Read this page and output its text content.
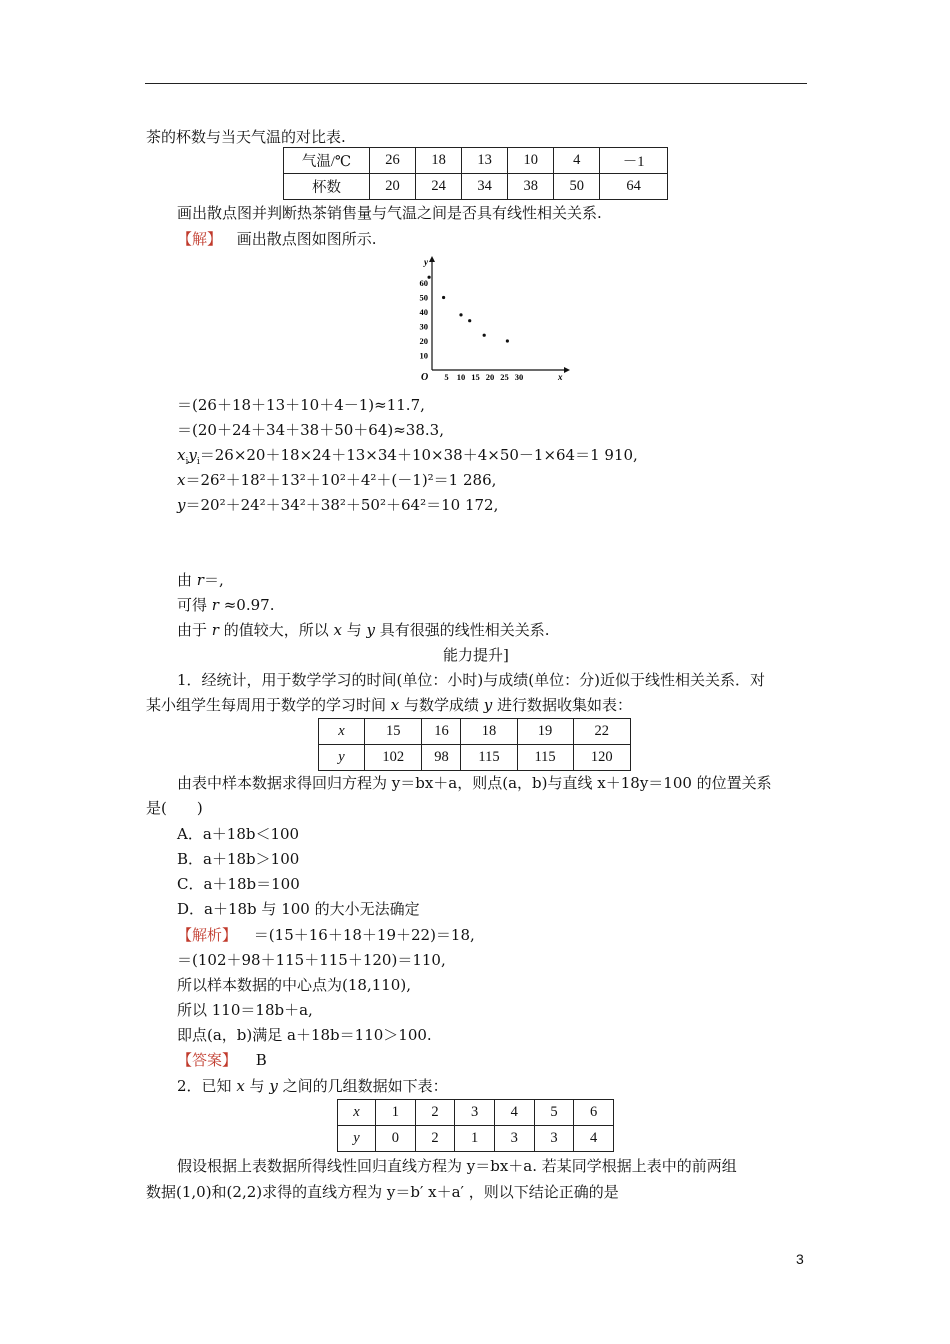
茶的杯数与当天气温的对比表.
气温/℃	26	18	13	10	4	－1
杯数	20	24	34	38	50	64
画出散点图并判断热茶销售量与气温之间是否具有线性相关关系.
【解】 画出散点图如图所示.
y
x
O
10
20
30
40
50
60
5 10 15 20 25 30
＝(26＋18＋13＋10＋4－1)≈11.7,
＝(20＋24＋34＋38＋50＋64)≈38.3,
$x_iy_i=26\times 20+18\times 24+13\times 34+10\times 38+4\times 50-1\times 64=1$ 910,
x＝26²＋18²＋13²＋10²＋4²＋(－1)²＝1 286,
y＝20²＋24²＋34²＋38²＋50²＋64²＝10 172,
由 r＝,
可得 r ≈0.97.
由于 r 的值较大，所以 x 与 y 具有很强的线性相关关系.
能力提升]
1．经统计，用于数学学习的时间(单位：小时)与成绩(单位：分)近似于线性相关关系．对
某小组学生每周用于数学的学习时间 x 与数学成绩 y 进行数据收集如表：
x	15	16	18	19	22
y	102	98	115	115	120
由表中样本数据求得回归方程为 y＝bx＋a，则点(a，b)与直线 x＋18y＝100 的位置关系
是(　　)
A．a＋18b＜100
B．a＋18b＞100
C．a＋18b＝100
D．a＋18b 与 100 的大小无法确定
【解析】 ＝(15＋16＋18＋19＋22)＝18,
＝(102＋98＋115＋115＋120)＝110,
所以样本数据的中心点为(18,110),
所以 110＝18b＋a,
即点(a，b)满足 a＋18b＝110＞100.
【答案】 B
2．已知 x 与 y 之间的几组数据如下表：
x	1	2	3	4	5	6
y	0	2	1	3	3	4
假设根据上表数据所得线性回归直线方程为 y＝bx＋a. 若某同学根据上表中的前两组
数据(1,0)和(2,2)求得的直线方程为 y＝b′ x＋a′ ，则以下结论正确的是
3
